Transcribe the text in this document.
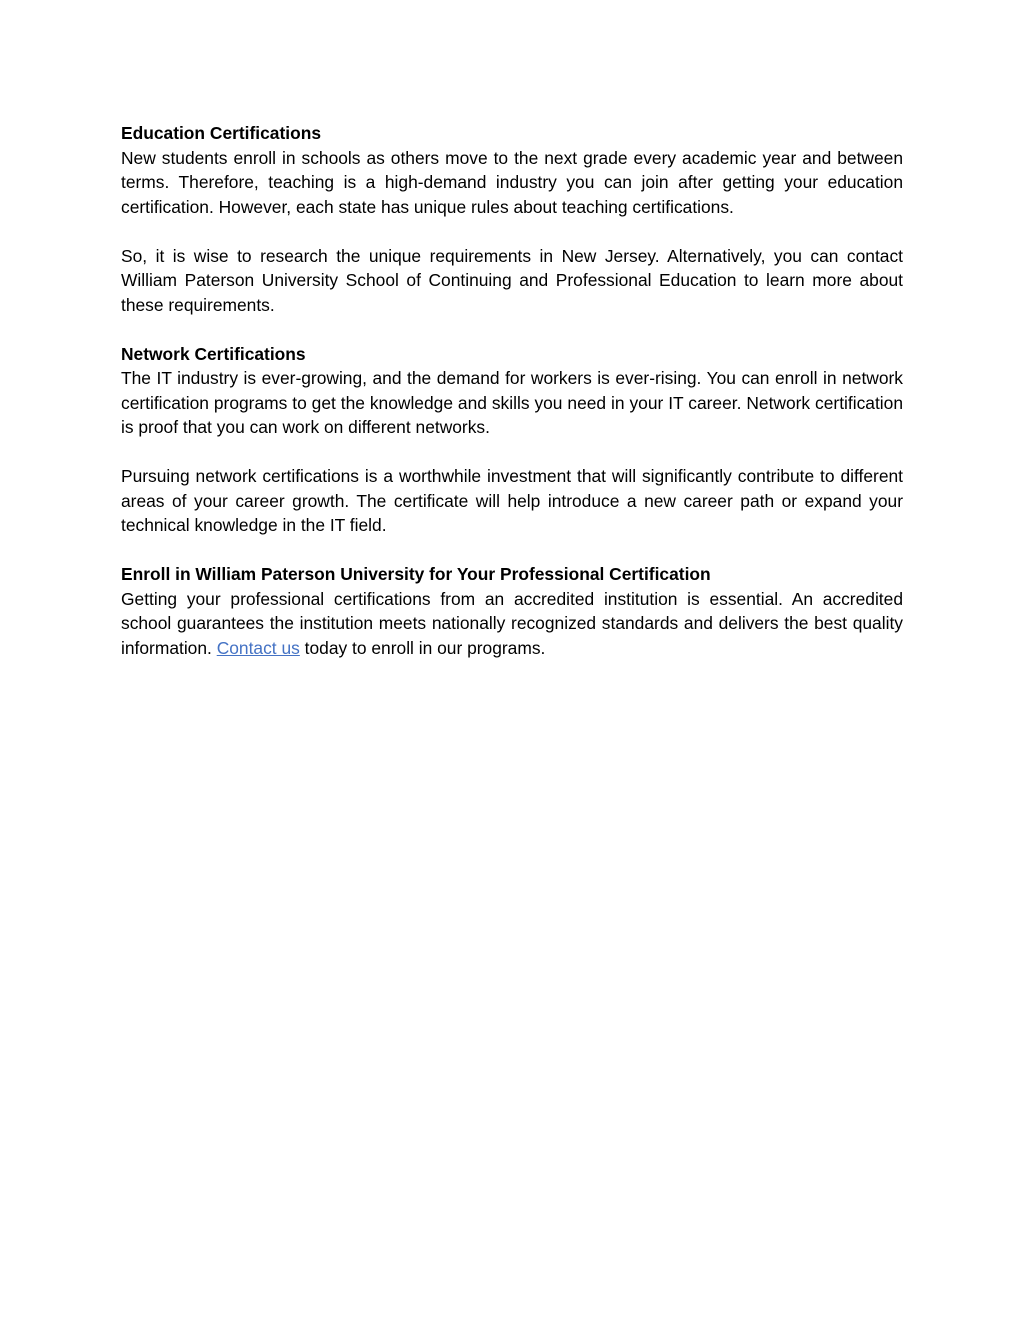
Education Certifications

New students enroll in schools as others move to the next grade every academic year and between terms. Therefore, teaching is a high-demand industry you can join after getting your education certification. However, each state has unique rules about teaching certifications.

So, it is wise to research the unique requirements in New Jersey. Alternatively, you can contact William Paterson University School of Continuing and Professional Education to learn more about these requirements.

Network Certifications

The IT industry is ever-growing, and the demand for workers is ever-rising. You can enroll in network certification programs to get the knowledge and skills you need in your IT career. Network certification is proof that you can work on different networks.

Pursuing network certifications is a worthwhile investment that will significantly contribute to different areas of your career growth. The certificate will help introduce a new career path or expand your technical knowledge in the IT field.

Enroll in William Paterson University for Your Professional Certification

Getting your professional certifications from an accredited institution is essential. An accredited school guarantees the institution meets nationally recognized standards and delivers the best quality information. Contact us today to enroll in our programs.
